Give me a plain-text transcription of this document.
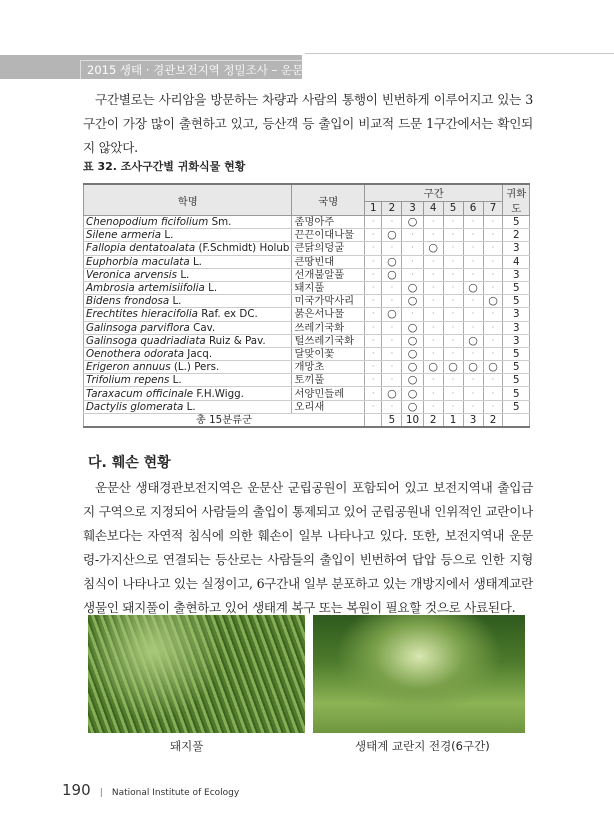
2015 생태 · 경관보전지역 정밀조사 – 운문산

구간별로는 사리암을 방문하는 차량과 사람의 통행이 빈번하게 이루어지고 있는 3구간이 가장 많이 출현하고 있고, 등산객 등 출입이 비교적 드문 1구간에서는 확인되지 않았다.

표 32. 조사구간별 귀화식물 현황
학명	국명	구간							귀화도
		1	2	3	4	5	6	7	
Chenopodium ficifolium Sm.	좀명아주	·	·	○	·	·	·	·	5
Silene armeria L.	끈끈이대나물	·	○	·	·	·	·	·	2
Fallopia dentatoalata (F.Schmidt) Holub	큰닭의덩굴	·	·	·	○	·	·	·	3
Euphorbia maculata L.	큰땅빈대	·	○	·	·	·	·	·	4
Veronica arvensis L.	선개불알풀	·	○	·	·	·	·	·	3
Ambrosia artemisiifolia L.	돼지풀	·	·	○	·	·	○	·	5
Bidens frondosa L.	미국가막사리	·	·	○	·	·	·	○	5
Erechtites hieracifolia Raf. ex DC.	붉은서나물	·	○	·	·	·	·	·	3
Galinsoga parviflora Cav.	쓰레기국화	·	·	○	·	·	·	·	3
Galinsoga quadriadiata Ruiz & Pav.	털쓰레기국화	·	·	○	·	·	○	·	3
Oenothera odorata Jacq.	달맞이꽃	·	·	○	·	·	·	·	5
Erigeron annuus (L.) Pers.	개망초	·	·	○	○	○	○	○	5
Trifolium repens L.	토끼풀	·	·	○	·	·	·	·	5
Taraxacum officinale F.H.Wigg.	서양민들레	·	○	○	·	·	·	·	5
Dactylis glomerata L.	오리새	·	·	○	·	·	·	·	5
총 15분류군			5	10	2	1	3	2	
다. 훼손 현황

운문산 생태경관보전지역은 운문산 군립공원이 포함되어 있고 보전지역내 출입금지 구역으로 지정되어 사람들의 출입이 통제되고 있어 군립공원내 인위적인 교란이나 훼손보다는 자연적 침식에 의한 훼손이 일부 나타나고 있다. 또한, 보전지역내 운문령-가지산으로 연결되는 등산로는 사람들의 출입이 빈번하여 답압 등으로 인한 지형침식이 나타나고 있는 실정이고, 6구간내 일부 분포하고 있는 개방지에서 생태계교란생물인 돼지풀이 출현하고 있어 생태계 복구 또는 복원이 필요할 것으로 사료된다.

돼지풀	생태계 교란지 전경(6구간)
190 | National Institute of Ecology
